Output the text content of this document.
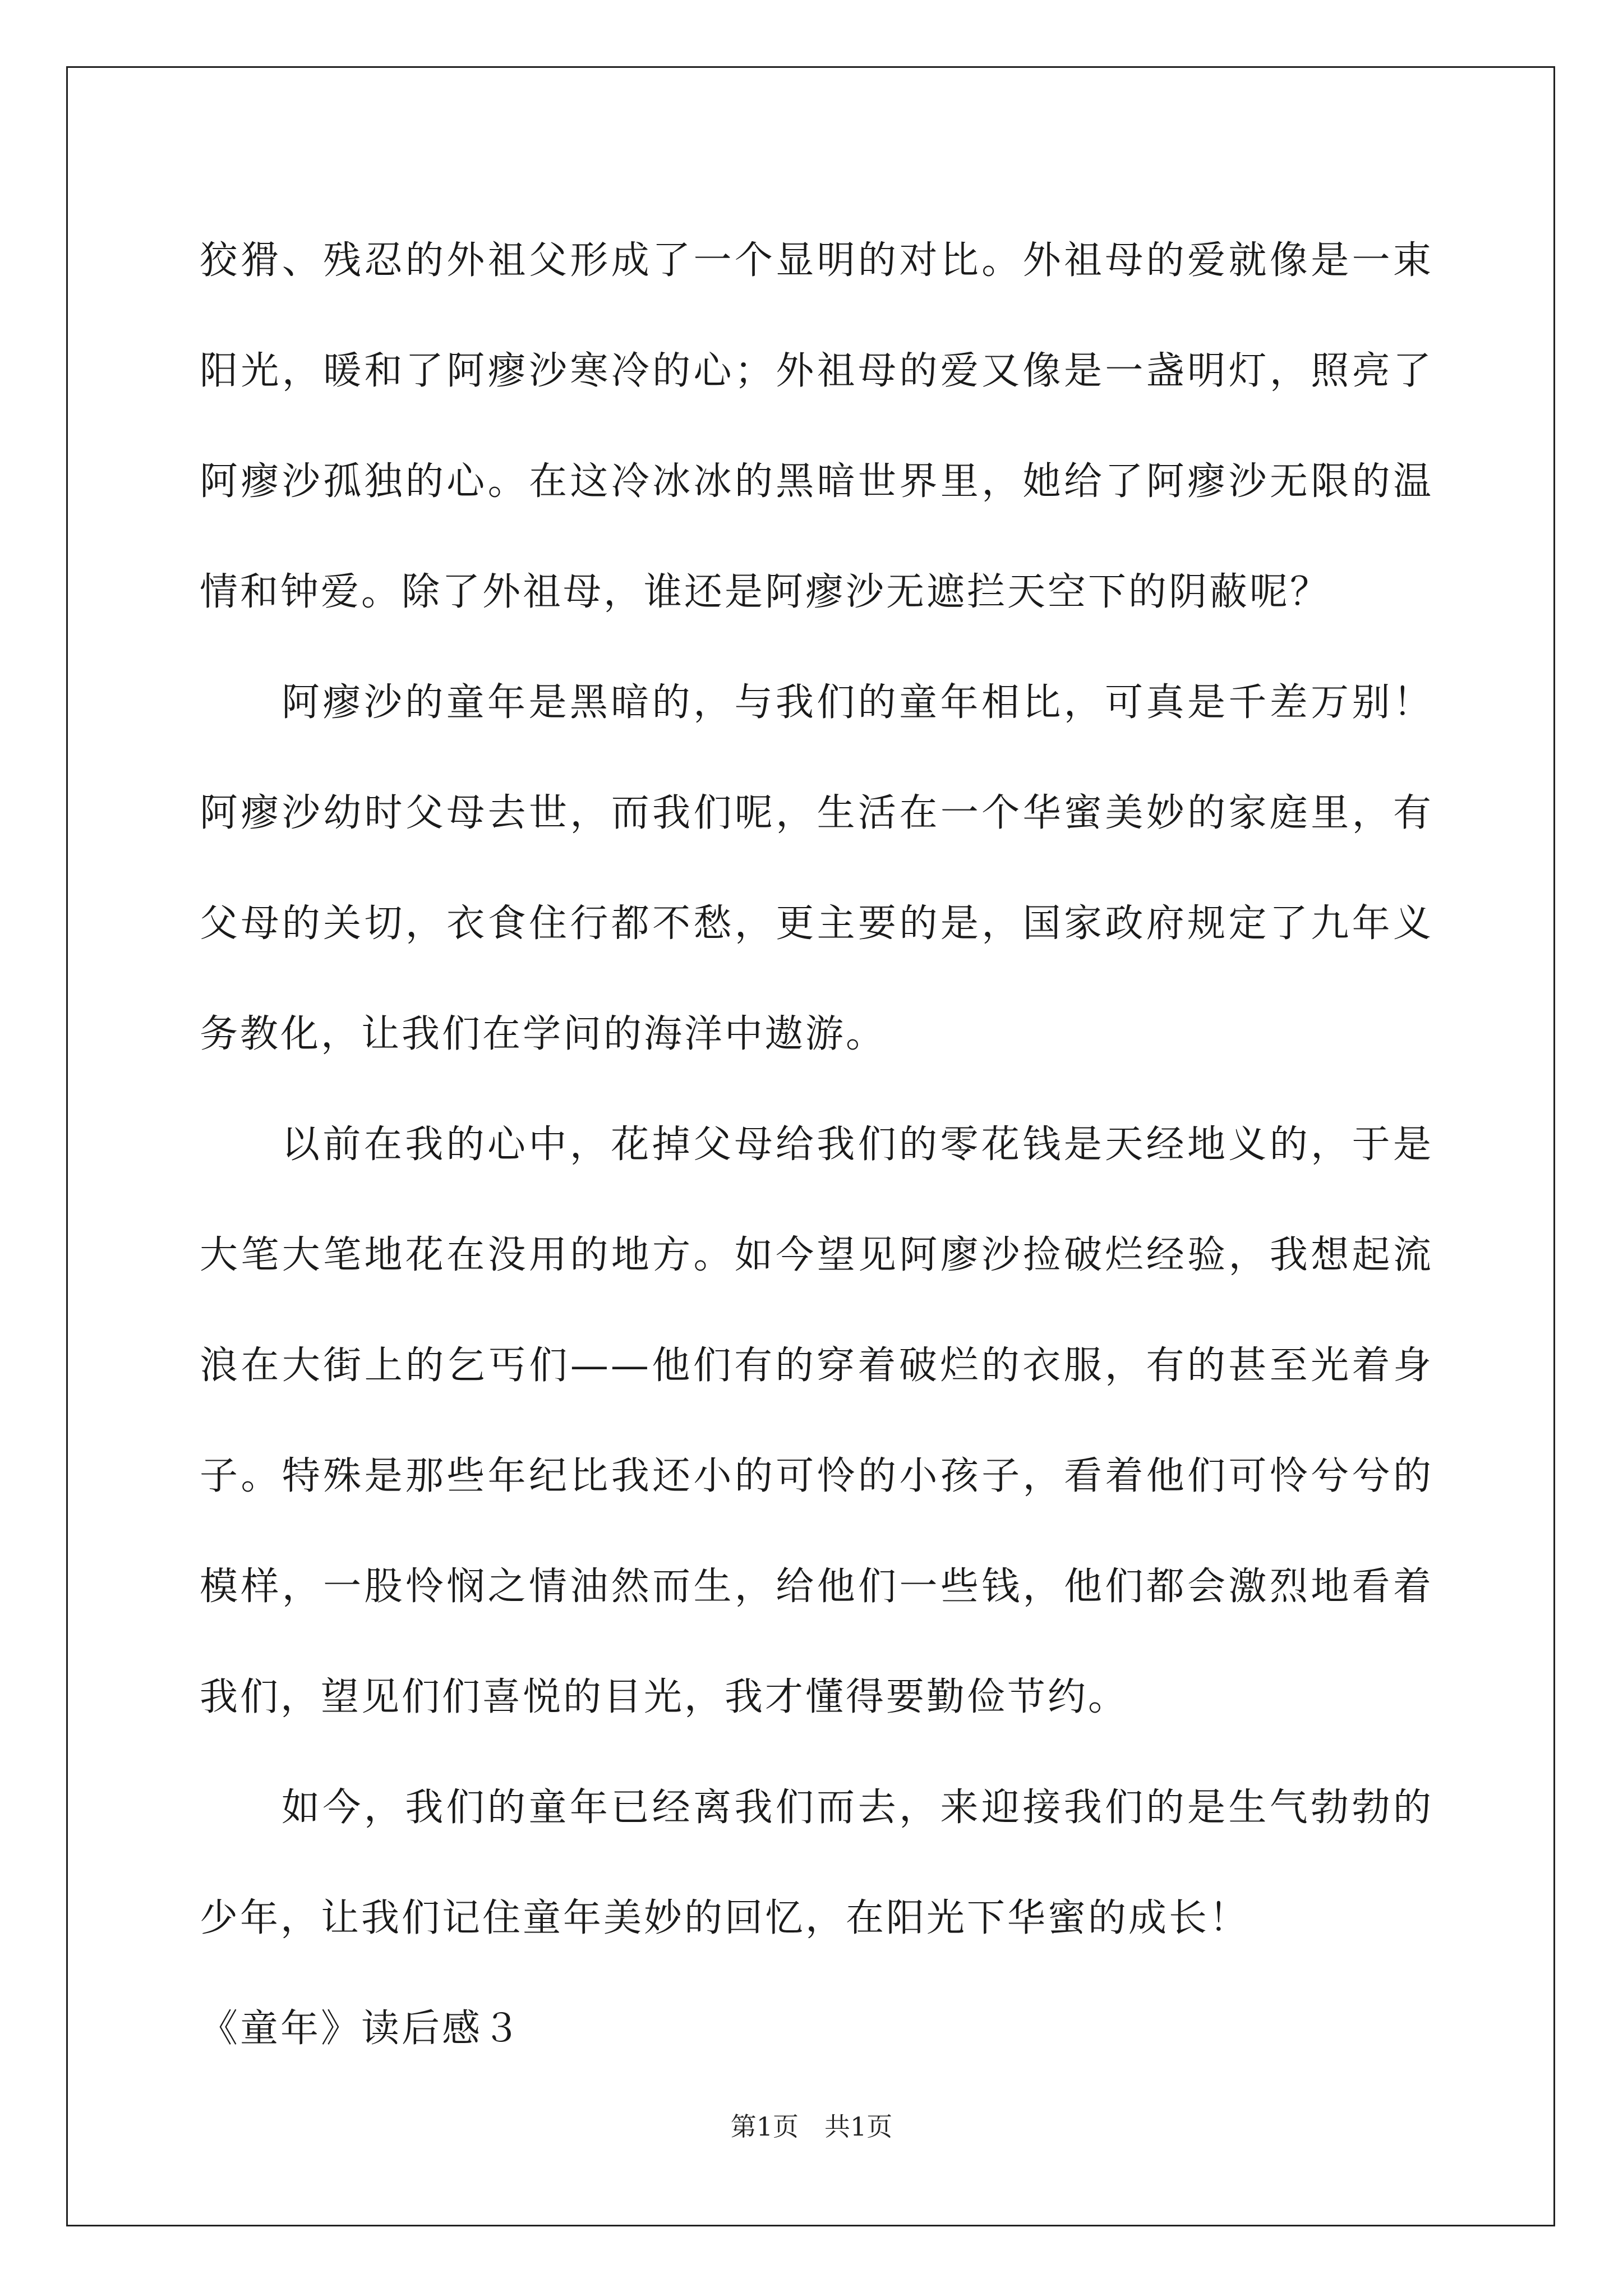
狡猾、残忍的外祖父形成了一个显明的对比。外祖母的爱就像是一束阳光，暖和了阿瘳沙寒冷的心；外祖母的爱又像是一盏明灯，照亮了阿瘳沙孤独的心。在这冷冰冰的黑暗世界里，她给了阿瘳沙无限的温情和钟爱。除了外祖母，谁还是阿瘳沙无遮拦天空下的阴蔽呢？

阿瘳沙的童年是黑暗的，与我们的童年相比，可真是千差万别！阿瘳沙幼时父母去世，而我们呢，生活在一个华蜜美妙的家庭里，有父母的关切，衣食住行都不愁，更主要的是，国家政府规定了九年义务教化，让我们在学问的海洋中遨游。

以前在我的心中，花掉父母给我们的零花钱是天经地义的，于是大笔大笔地花在没用的地方。如今望见阿廖沙捡破烂经验，我想起流浪在大街上的乞丐们——他们有的穿着破烂的衣服，有的甚至光着身子。特殊是那些年纪比我还小的可怜的小孩子，看着他们可怜兮兮的模样，一股怜悯之情油然而生，给他们一些钱，他们都会激烈地看着我们，望见们们喜悦的目光，我才懂得要勤俭节约。

如今，我们的童年已经离我们而去，来迎接我们的是生气勃勃的少年，让我们记住童年美妙的回忆，在阳光下华蜜的成长！

《童年》读后感３

第1页　共1页
